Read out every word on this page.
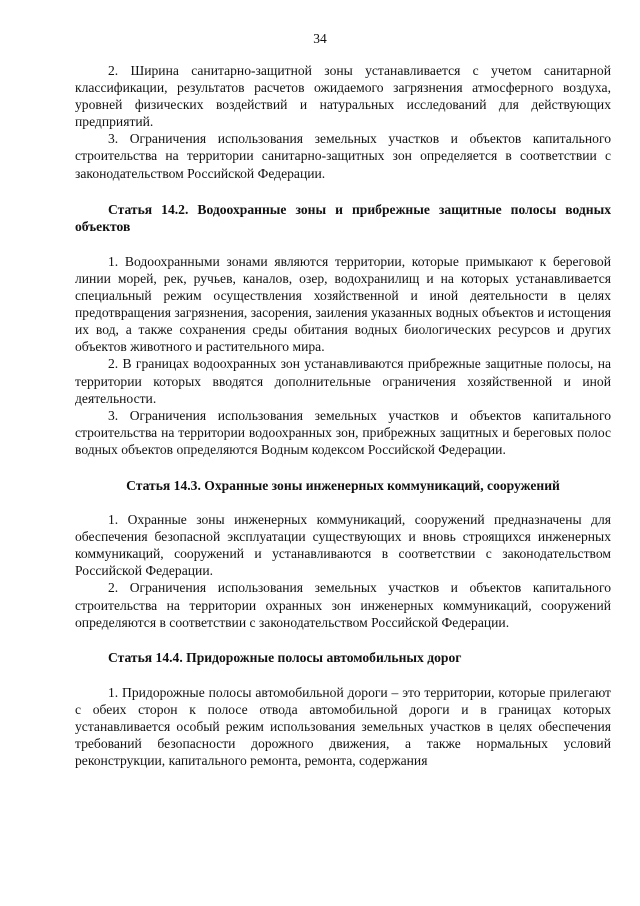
34

2. Ширина санитарно-защитной зоны устанавливается с учетом санитарной классификации, результатов расчетов ожидаемого загрязнения атмосферного воздуха, уровней физических воздействий и натуральных исследований для действующих предприятий.

3. Ограничения использования земельных участков и объектов капитального строительства на территории санитарно-защитных зон определяется в соответствии с законодательством Российской Федерации.

Статья 14.2. Водоохранные зоны и прибрежные защитные полосы водных объектов

1. Водоохранными зонами являются территории, которые примыкают к береговой линии морей, рек, ручьев, каналов, озер, водохранилищ и на которых устанавливается специальный режим осуществления хозяйственной и иной деятельности в целях предотвращения загрязнения, засорения, заиления указанных водных объектов и истощения их вод, а также сохранения среды обитания водных биологических ресурсов и других объектов животного и растительного мира.

2. В границах водоохранных зон устанавливаются прибрежные защитные полосы, на территории которых вводятся дополнительные ограничения хозяйственной и иной деятельности.

3. Ограничения использования земельных участков и объектов капитального строительства на территории водоохранных зон, прибрежных защитных и береговых полос водных объектов определяются Водным кодексом Российской Федерации.

Статья 14.3. Охранные зоны инженерных коммуникаций, сооружений

1. Охранные зоны инженерных коммуникаций, сооружений предназначены для обеспечения безопасной эксплуатации существующих и вновь строящихся инженерных коммуникаций, сооружений и устанавливаются в соответствии с законодательством Российской Федерации.

2. Ограничения использования земельных участков и объектов капитального строительства на территории охранных зон инженерных коммуникаций, сооружений определяются в соответствии с законодательством Российской Федерации.

Статья 14.4. Придорожные полосы автомобильных дорог

1. Придорожные полосы автомобильной дороги – это территории, которые прилегают с обеих сторон к полосе отвода автомобильной дороги и в границах которых устанавливается особый режим использования земельных участков в целях обеспечения требований безопасности дорожного движения, а также нормальных условий реконструкции, капитального ремонта, ремонта, содержания
